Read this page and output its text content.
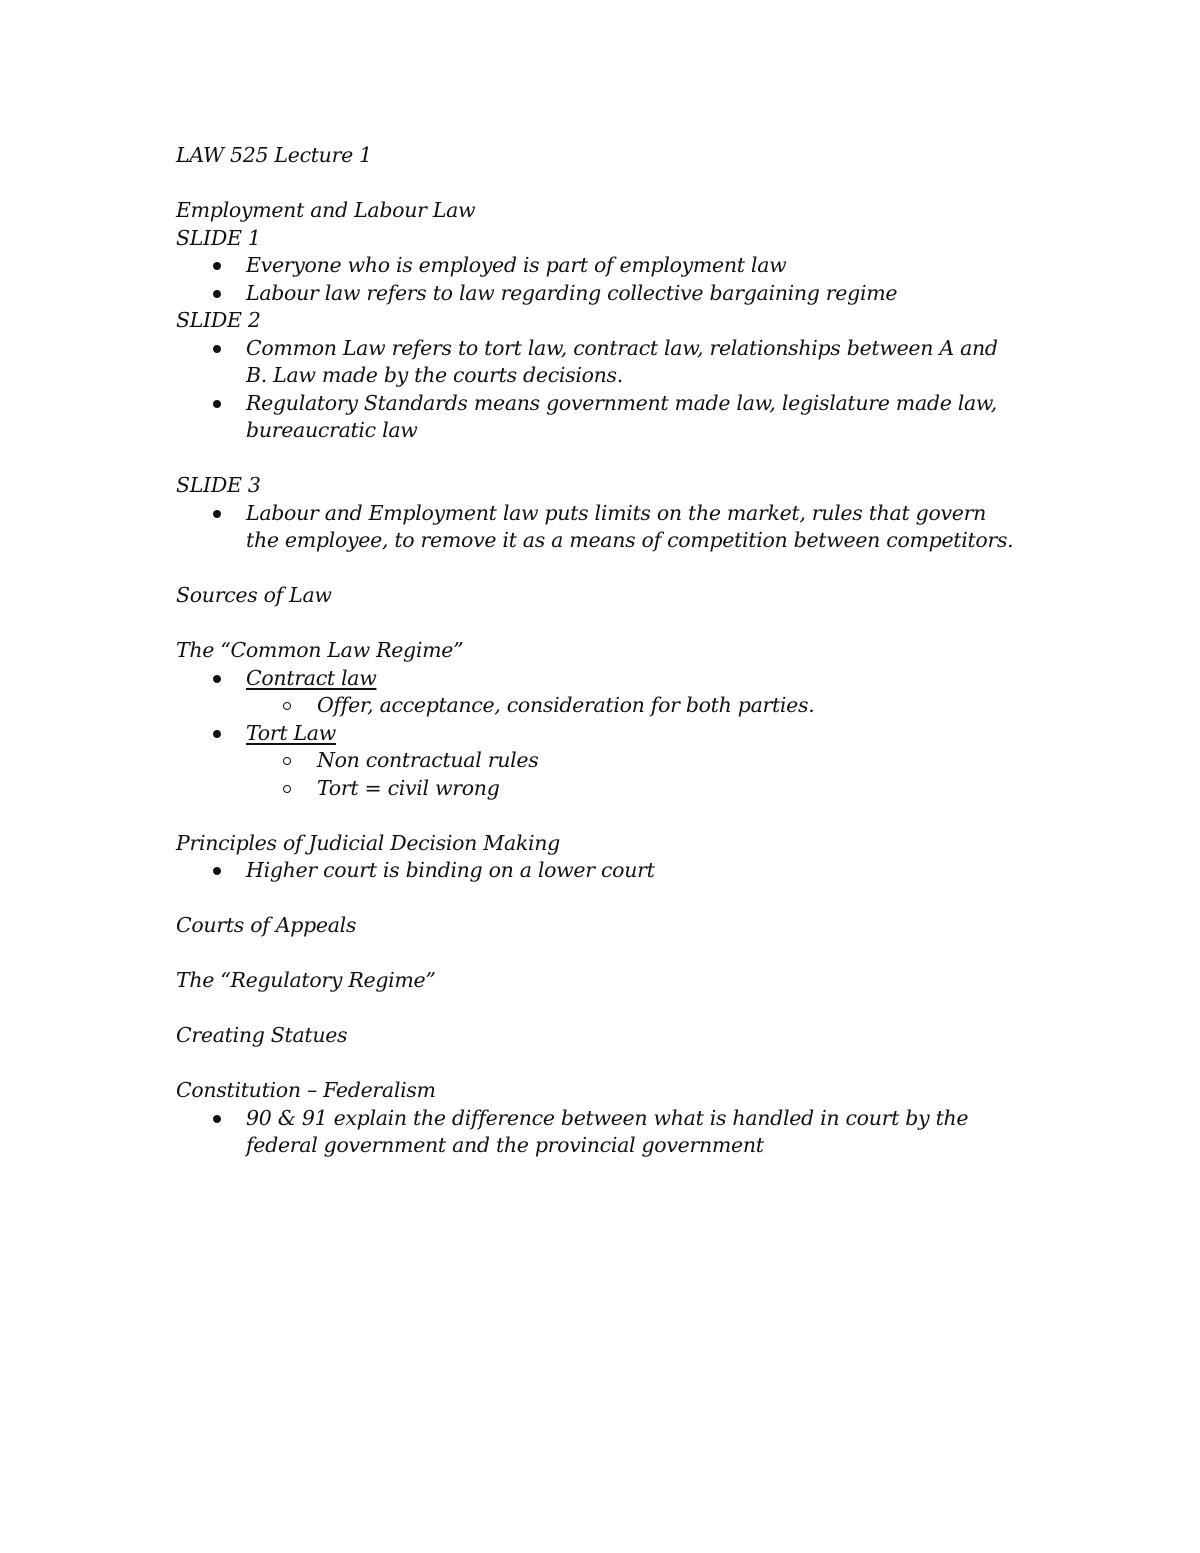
LAW 525 Lecture 1

Employment and Labour Law

SLIDE 1

Everyone who is employed is part of employment law
Labour law refers to law regarding collective bargaining regime

SLIDE 2

Common Law refers to tort law, contract law, relationships between A and B. Law made by the courts decisions.
Regulatory Standards means government made law, legislature made law, bureaucratic law

SLIDE 3

Labour and Employment law puts limits on the market, rules that govern the employee, to remove it as a means of competition between competitors.

Sources of Law

The “Common Law Regime”

Contract law
Offer, acceptance, consideration for both parties.
Tort Law
Non contractual rules
Tort = civil wrong

Principles of Judicial Decision Making

Higher court is binding on a lower court

Courts of Appeals

The “Regulatory Regime”

Creating Statues

Constitution – Federalism

90 & 91 explain the difference between what is handled in court by the federal government and the provincial government
